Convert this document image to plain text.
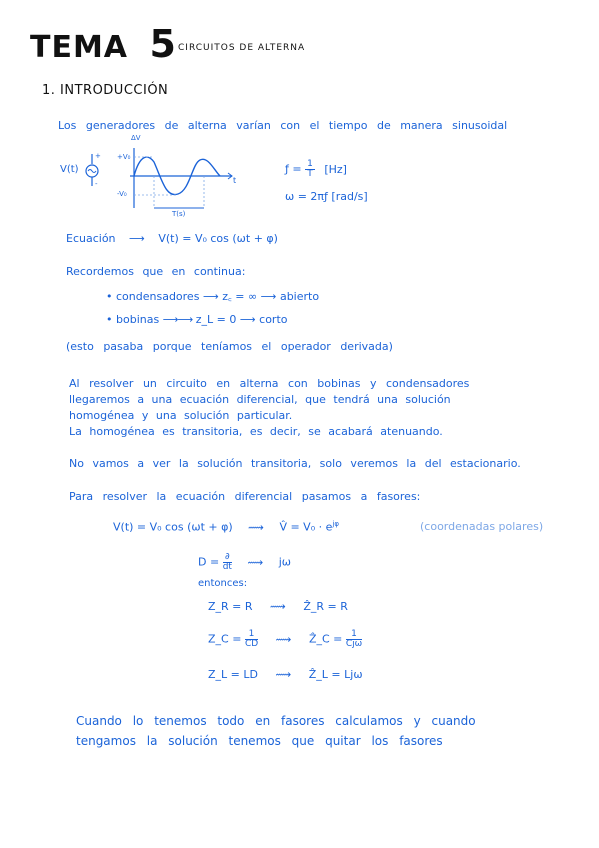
TEMA 5 CIRCUITOS DE ALTERNA
1. INTRODUCCIÓN
Los generadores de alterna varían con el tiempo de manera sinusoidal
V(t)
+
-
ΔV
+V₀
-V₀
t
T(s)
ƒ = $\frac{1}{T} [Hz]$
ω = 2πƒ [rad/s]
Ecuación ⟶ V(t) = V₀ cos (ωt + φ)
Recordemos que en continua:
• condensadores ⟶ z꜀ = ∞ ⟶ abierto
• bobinas ⟶⟶ z_L = 0 ⟶ corto
(esto pasaba porque teníamos el operador derivada)
Al resolver un circuito en alterna con bobinas y condensadores
llegaremos a una ecuación diferencial, que tendrá una solución
homogénea y una solución particular.
La homogénea es transitoria, es decir, se acabará atenuando.
No vamos a ver la solución transitoria, solo veremos la del estacionario.
Para resolver la ecuación diferencial pasamos a fasores:
V(t) = V₀ cos (ωt + φ) ⟿ V̂ = $V_0 \cdot e^{j\varphi}$	(coordenadas polares)
$D = \frac{\partial}{dt}$ ⟿ jω
entonces:
Z_R = R ⟿ Ẑ_R = R
Z_C = $\frac{1}{CD}$ ⟿ Ẑ_C = $\frac{1}{\text{Cjω}}$
Z_L = LD ⟿ Ẑ_L = Ljω
Cuando lo tenemos todo en fasores calculamos y cuando
tengamos la solución tenemos que quitar los fasores
